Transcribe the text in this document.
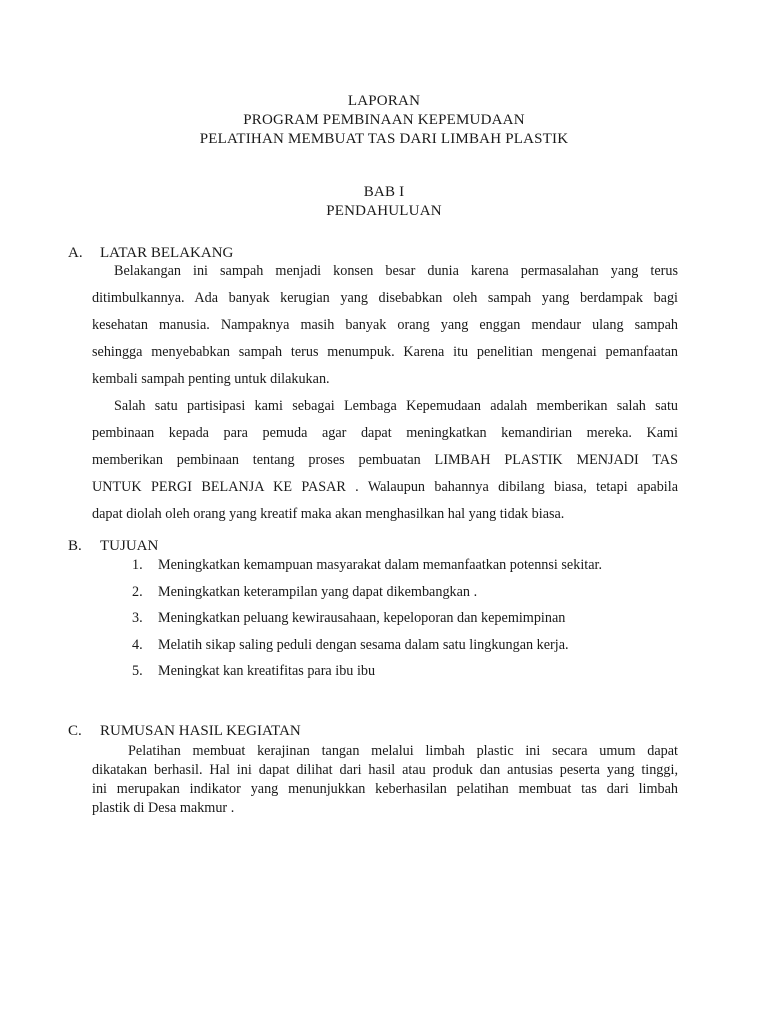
LAPORAN
PROGRAM PEMBINAAN KEPEMUDAAN
PELATIHAN MEMBUAT TAS DARI LIMBAH PLASTIK
BAB I
PENDAHULUAN
A. LATAR BELAKANG
Belakangan ini sampah menjadi konsen besar dunia karena permasalahan yang terus
ditimbulkannya. Ada banyak kerugian yang disebabkan oleh sampah yang berdampak bagi
kesehatan manusia. Nampaknya masih banyak orang yang enggan mendaur ulang sampah
sehingga menyebabkan sampah terus menumpuk. Karena itu penelitian mengenai pemanfaatan
kembali sampah penting untuk dilakukan.
Salah satu partisipasi kami sebagai Lembaga Kepemudaan adalah memberikan salah satu
pembinaan kepada para pemuda agar dapat meningkatkan kemandirian mereka. Kami
memberikan pembinaan tentang proses pembuatan LIMBAH PLASTIK MENJADI TAS
UNTUK PERGI BELANJA KE PASAR . Walaupun bahannya dibilang biasa, tetapi apabila
dapat diolah oleh orang yang kreatif maka akan menghasilkan hal yang tidak biasa.
B. TUJUAN
1. Meningkatkan kemampuan masyarakat dalam memanfaatkan potennsi sekitar.
2. Meningkatkan keterampilan yang dapat dikembangkan .
3. Meningkatkan peluang kewirausahaan, kepeloporan dan kepemimpinan
4. Melatih sikap saling peduli dengan sesama dalam satu lingkungan kerja.
5. Meningkat kan kreatifitas para ibu ibu
C. RUMUSAN HASIL KEGIATAN
Pelatihan membuat kerajinan tangan melalui limbah plastic ini secara umum dapat
dikatakan berhasil. Hal ini dapat dilihat dari hasil atau produk dan antusias peserta yang tinggi,
ini merupakan indikator yang menunjukkan keberhasilan pelatihan membuat tas dari limbah
plastik di Desa makmur .
